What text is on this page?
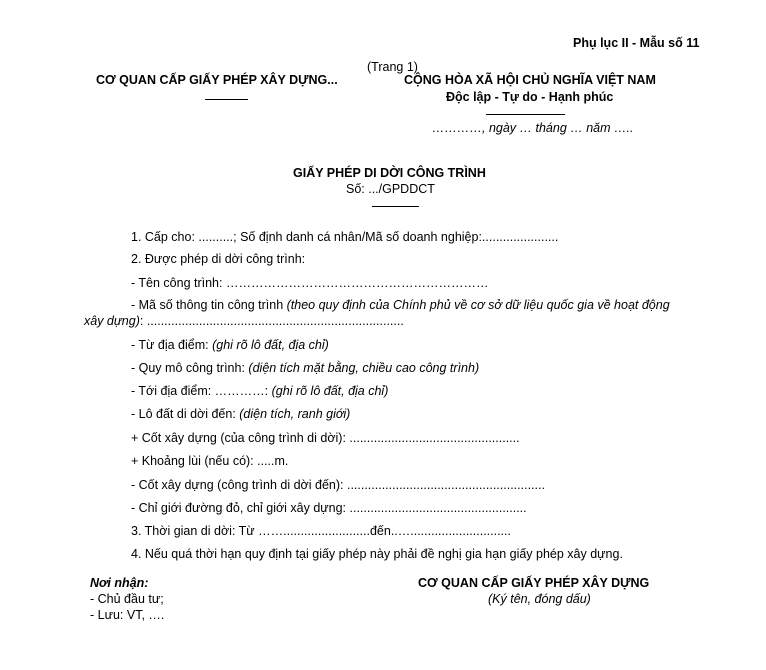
Phụ lục II - Mẫu số 11
(Trang 1)
CƠ QUAN CẤP GIẤY PHÉP XÂY DỰNG...	CỘNG HÒA XÃ HỘI CHỦ NGHĨA VIỆT NAM
Độc lập - Tự do - Hạnh phúc
…………, ngày … tháng … năm …..
GIẤY PHÉP DI DỜI CÔNG TRÌNH
Số: .../GPDDCT
1. Cấp cho: ..........; Số định danh cá nhân/Mã số doanh nghiệp:......................
2. Được phép di dời công trình:
- Tên công trình: ………………………………………………………
- Mã số thông tin công trình (theo quy định của Chính phủ về cơ sở dữ liệu quốc gia về hoạt động
xây dựng): ..........................................................................
- Từ địa điểm: (ghi rõ lô đất, địa chỉ)
- Quy mô công trình: (diện tích mặt bằng, chiều cao công trình)
- Tới địa điểm: …………: (ghi rõ lô đất, địa chỉ)
- Lô đất di dời đến: (diện tích, ranh giới)
+ Cốt xây dựng (của công trình di dời): .................................................
+ Khoảng lùi (nếu có): .....m.
- Cốt xây dựng (công trình di dời đến): .........................................................
- Chỉ giới đường đỏ, chỉ giới xây dựng: ...................................................
3. Thời gian di dời: Từ …….........................đến..….............................
4. Nếu quá thời hạn quy định tại giấy phép này phải đề nghị gia hạn giấy phép xây dựng.
Nơi nhận:
- Chủ đầu tư;
- Lưu: VT, ….
CƠ QUAN CẤP GIẤY PHÉP XÂY DỰNG
(Ký tên, đóng dấu)
